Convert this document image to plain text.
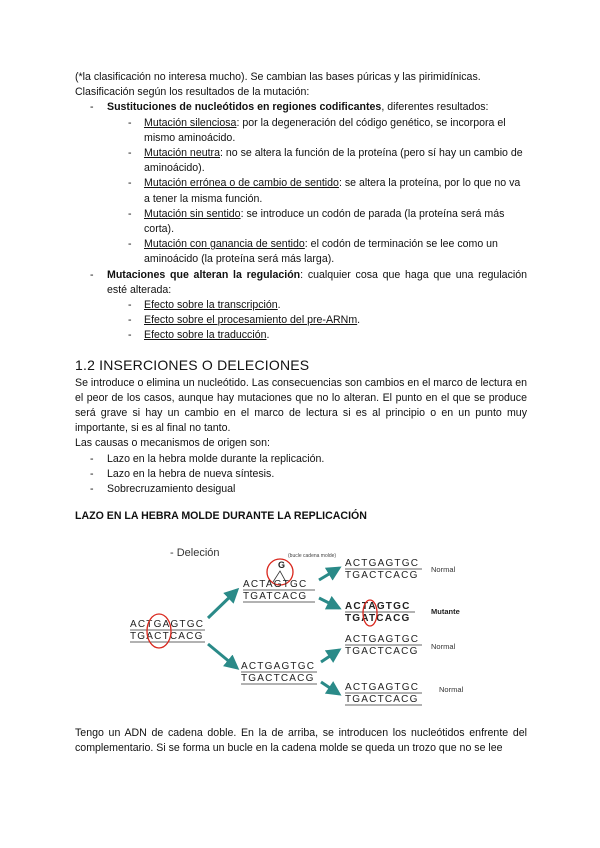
(*la clasificación no interesa mucho). Se cambian las bases púricas y las pirimidínicas.

Clasificación según los resultados de la mutación:

- Sustituciones de nucleótidos en regiones codificantes, diferentes resultados:
- Mutación silenciosa: por la degeneración del código genético, se incorpora el mismo aminoácido.
- Mutación neutra: no se altera la función de la proteína (pero sí hay un cambio de aminoácido).
- Mutación errónea o de cambio de sentido: se altera la proteína, por lo que no va a tener la misma función.
- Mutación sin sentido: se introduce un codón de parada (la proteína será más corta).
- Mutación con ganancia de sentido: el codón de terminación se lee como un aminoácido (la proteína será más larga).
- Mutaciones que alteran la regulación: cualquier cosa que haga que una regulación esté alterada:
- Efecto sobre la transcripción.
- Efecto sobre el procesamiento del pre-ARNm.
- Efecto sobre la traducción.
1.2 INSERCIONES O DELECIONES

Se introduce o elimina un nucleótido. Las consecuencias son cambios en el marco de lectura en el peor de los casos, aunque hay mutaciones que no lo alteran. El punto en el que se produce será grave si hay un cambio en el marco de lectura si es al principio o en un punto muy importante, si es al final no tanto.

Las causas o mecanismos de origen son:

- Lazo en la hebra molde durante la replicación.
- Lazo en la hebra de nueva síntesis.
- Sobrecruzamiento desigual
LAZO EN LA HEBRA MOLDE DURANTE LA REPLICACIÓN
- Deleción
ACTGAGTGC
TGACTCACG
(bucle cadena molde)
G
ACTAGTGC
TGATCACG
ACTGAGTGC
TGACTCACG
ACTGAGTGC
TGACTCACG
Normal
ACTAGTGC
TGATCACG
Mutante
ACTGAGTGC
TGACTCACG Normal
ACTGAGTGC
TGACTCACG
Normal

Tengo un ADN de cadena doble. En la de arriba, se introducen los nucleótidos enfrente del complementario. Si se forma un bucle en la cadena molde se queda un trozo que no se lee
